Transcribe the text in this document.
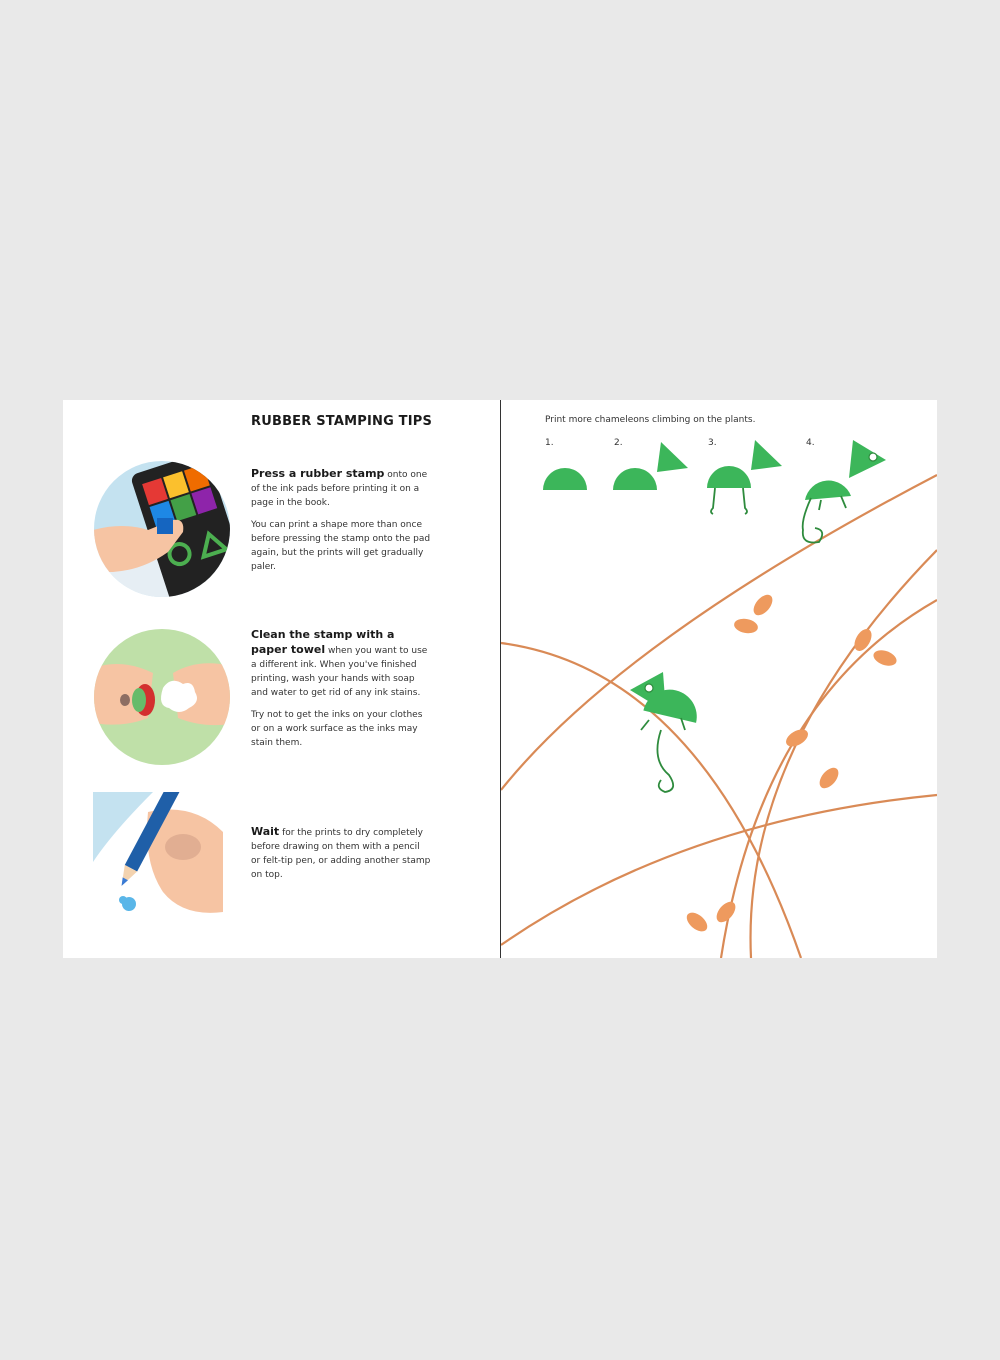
RUBBER STAMPING TIPS

Press a rubber stamp onto one of the ink pads before printing it on a page in the book.

You can print a shape more than once before pressing the stamp onto the pad again, but the prints will get gradually paler.

Clean the stamp with a paper towel when you want to use a different ink. When you've finished printing, wash your hands with soap and water to get rid of any ink stains.

Try not to get the inks on your clothes or on a work surface as the inks may stain them.

Wait for the prints to dry completely before drawing on them with a pencil or felt-tip pen, or adding another stamp on top.

Print more chameleons climbing on the plants.
1.	2.	3.	4.
